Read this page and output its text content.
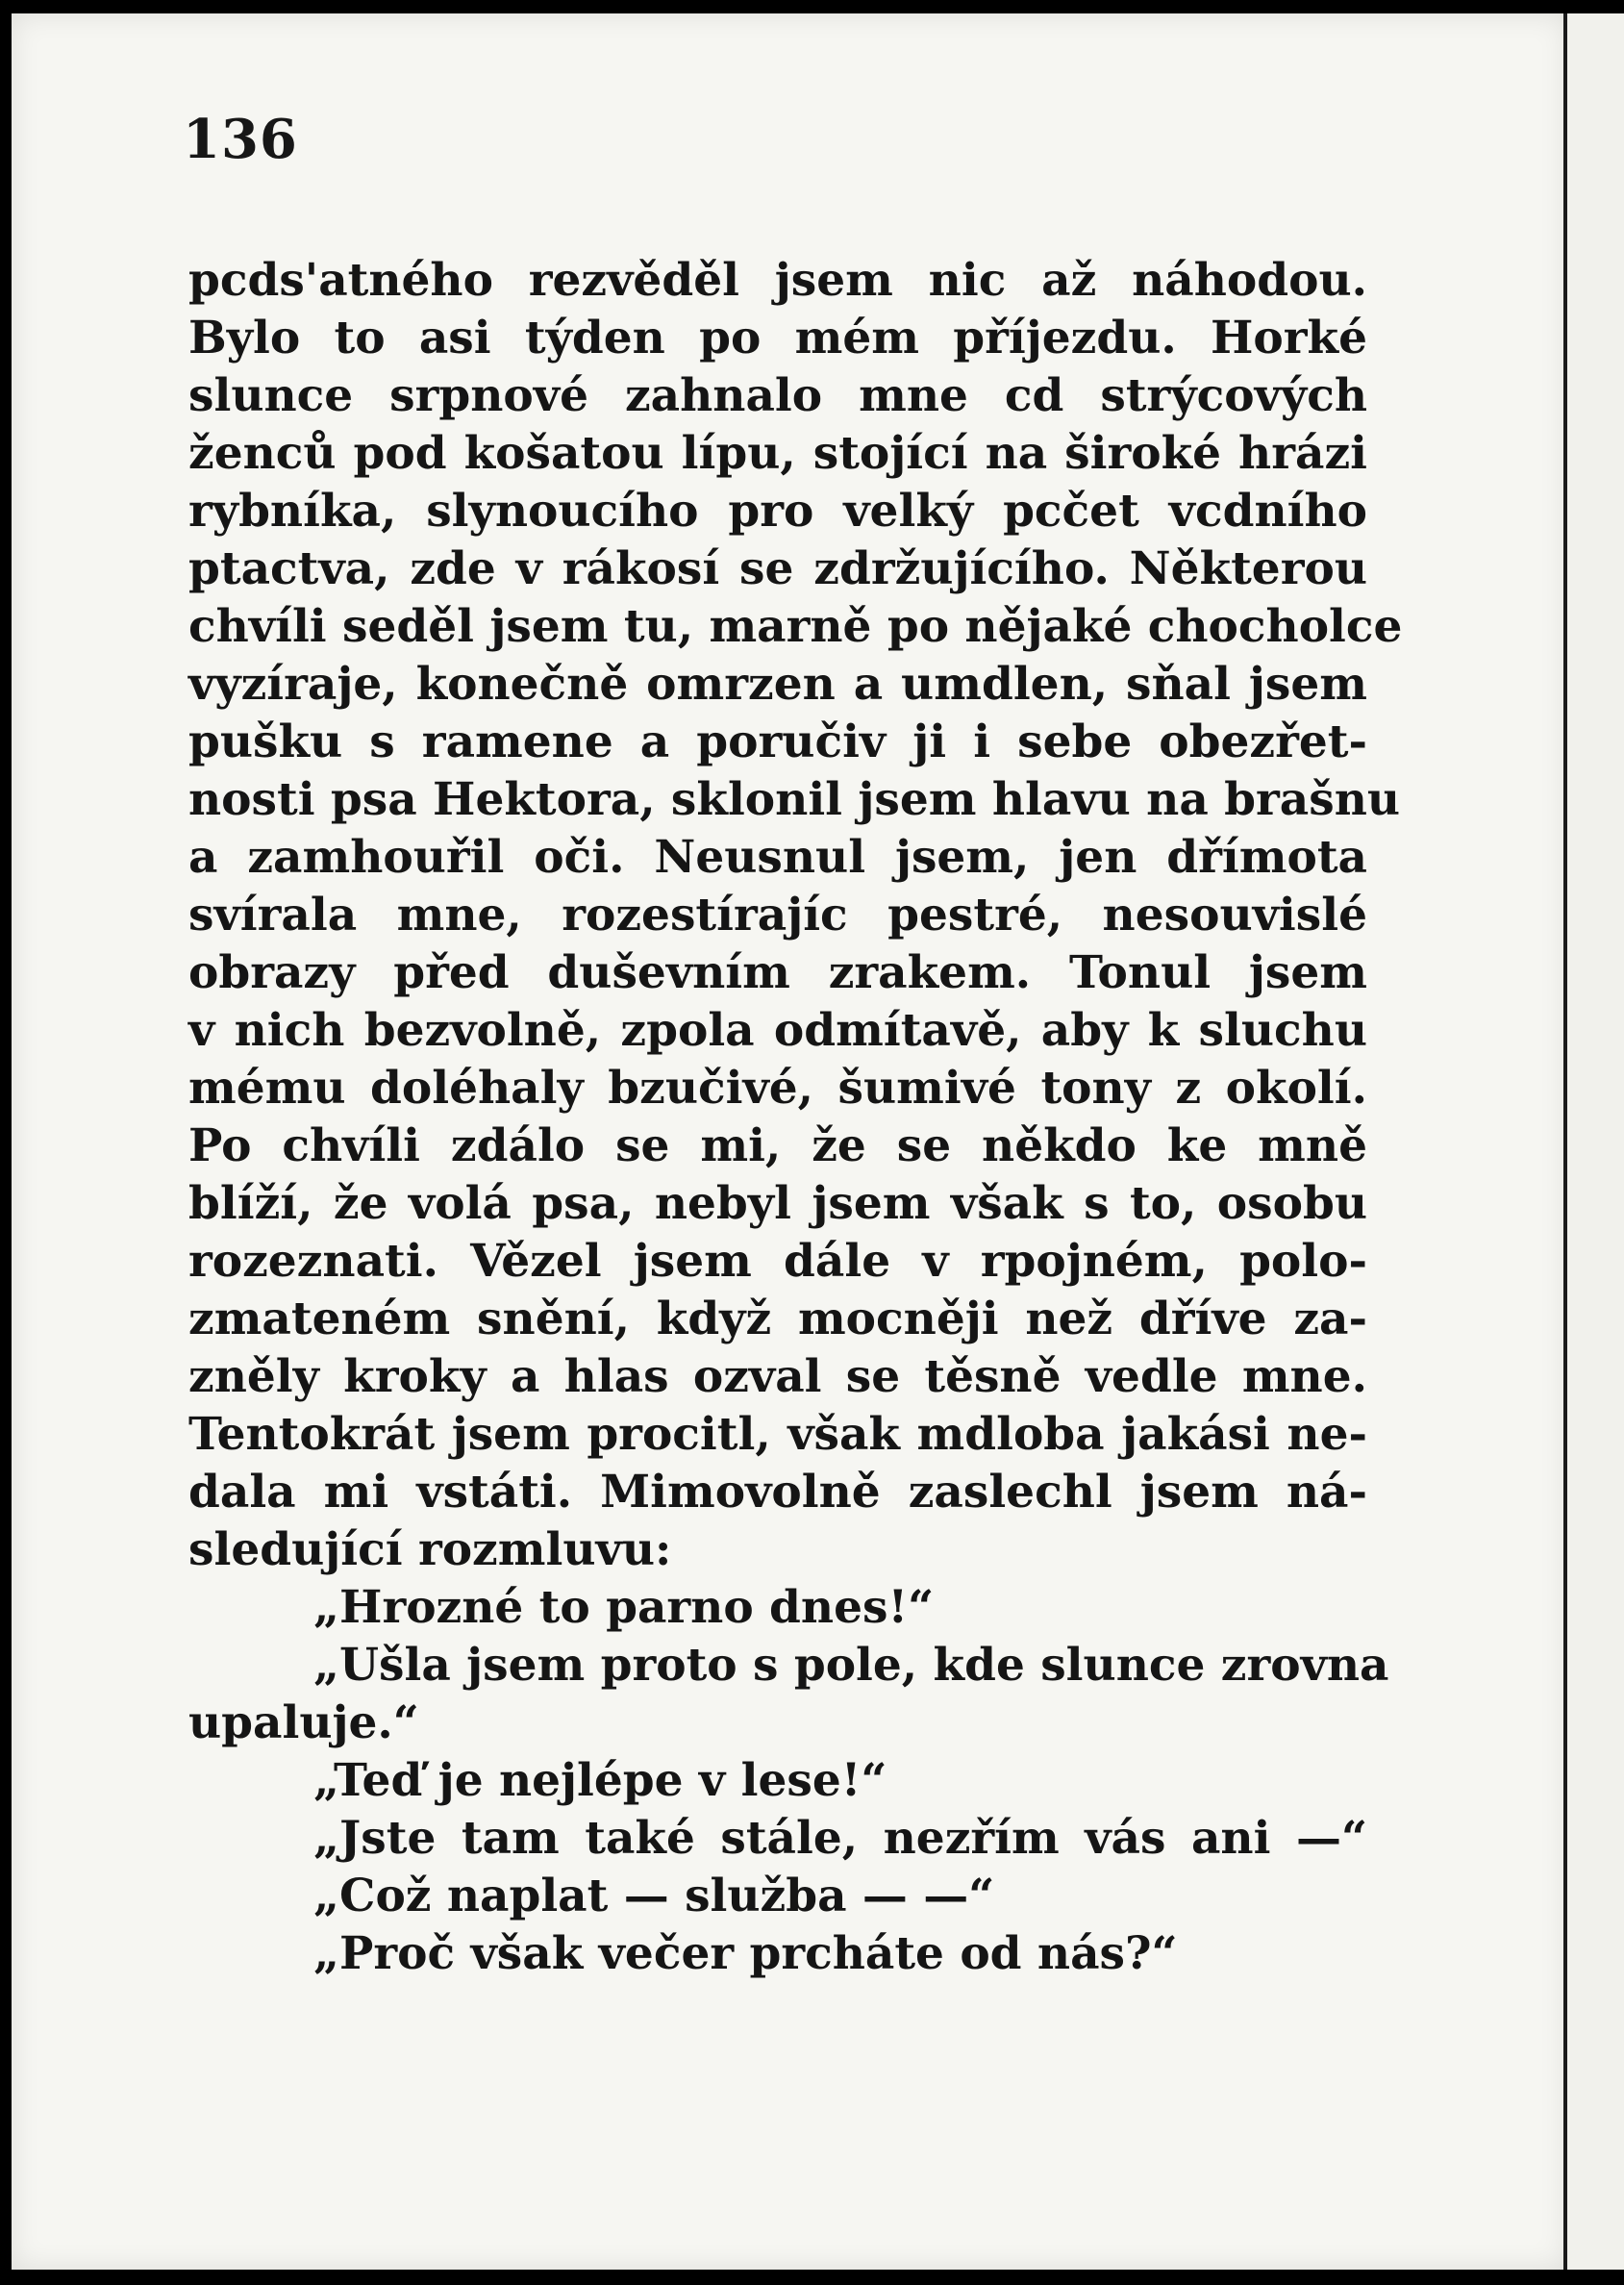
136
pcds'atného rezvěděl jsem nic až náhodou.
Bylo to asi týden po mém příjezdu. Horké
slunce srpnové zahnalo mne cd strýcových
ženců pod košatou lípu, stojící na široké hrázi
rybníka, slynoucího pro velký pcčet vcdního
ptactva, zde v rákosí se zdržujícího. Některou
chvíli seděl jsem tu, marně po nějaké chocholce
vyzíraje, konečně omrzen a umdlen, sňal jsem
pušku s ramene a poručiv ji i sebe obezřet-
nosti psa Hektora, sklonil jsem hlavu na brašnu
a zamhouřil oči. Neusnul jsem, jen dřímota
svírala mne, rozestírajíc pestré, nesouvislé
obrazy před duševním zrakem. Tonul jsem
v nich bezvolně, zpola odmítavě, aby k sluchu
mému doléhaly bzučivé, šumivé tony z okolí.
Po chvíli zdálo se mi, že se někdo ke mně
blíží, že volá psa, nebyl jsem však s to, osobu
rozeznati. Vězel jsem dále v rpojném, polo-
zmateném snění, když mocněji než dříve za-
zněly kroky a hlas ozval se těsně vedle mne.
Tentokrát jsem procitl, však mdloba jakási ne-
dala mi vstáti. Mimovolně zaslechl jsem ná-
sledující rozmluvu:
„Hrozné to parno dnes!“
„Ušla jsem proto s pole, kde slunce zrovna
upaluje.“
„Teď je nejlépe v lese!“
„Jste tam také stále, nezřím vás ani —“
„Což naplat — služba — —“
„Proč však večer prcháte od nás?“
